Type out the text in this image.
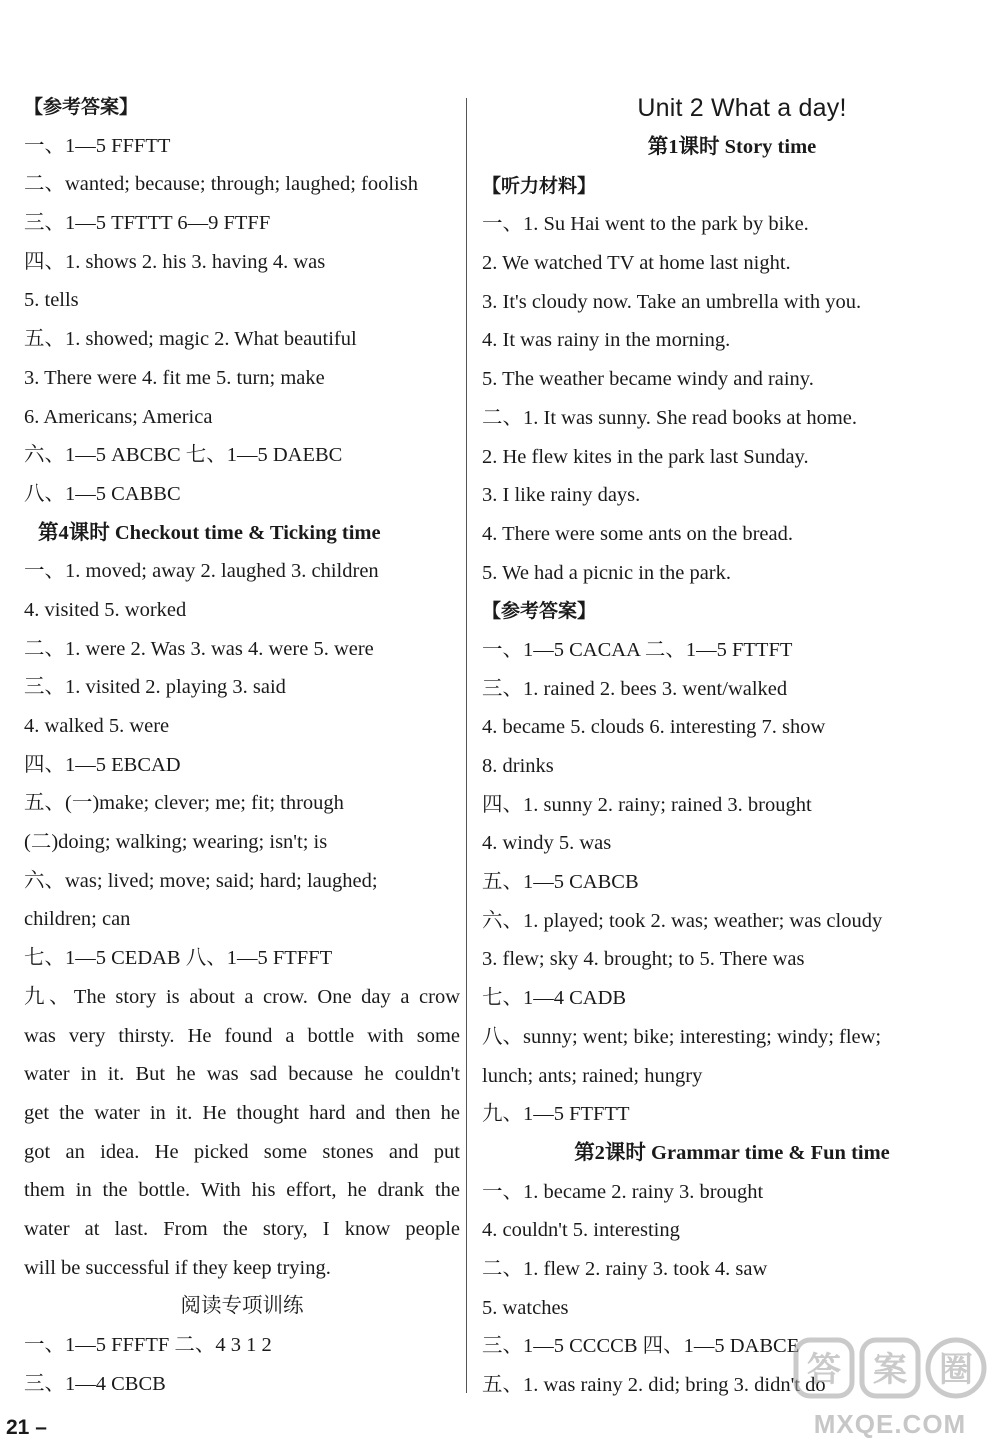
【参考答案】
一、1—5 FFFTT
二、wanted; because; through; laughed; foolish
三、1—5 TFTTT 6—9 FTFF
四、1. shows 2. his 3. having 4. was
5. tells
五、1. showed; magic 2. What beautiful
3. There were 4. fit me 5. turn; make
6. Americans; America
六、1—5 ABCBC 七、1—5 DAEBC
八、1—5 CABBC
第4课时 Checkout time & Ticking time
一、1. moved; away 2. laughed 3. children
4. visited 5. worked
二、1. were 2. Was 3. was 4. were 5. were
三、1. visited 2. playing 3. said
4. walked 5. were
四、1—5 EBCAD
五、(一)make; clever; me; fit; through
(二)doing; walking; wearing; isn't; is
六、was; lived; move; said; hard; laughed;
children; can
七、1—5 CEDAB 八、1—5 FTFFT
九、The story is about a crow. One day a crow
was very thirsty. He found a bottle with some
water in it. But he was sad because he couldn't
get the water in it. He thought hard and then he
got an idea. He picked some stones and put
them in the bottle. With his effort, he drank the
water at last. From the story, I know people
will be successful if they keep trying.
阅读专项训练
一、1—5 FFFTF 二、4 3 1 2
三、1—4 CBCB
Unit 2 What a day!
第1课时 Story time
【听力材料】
一、1. Su Hai went to the park by bike.
2. We watched TV at home last night.
3. It's cloudy now. Take an umbrella with you.
4. It was rainy in the morning.
5. The weather became windy and rainy.
二、1. It was sunny. She read books at home.
2. He flew kites in the park last Sunday.
3. I like rainy days.
4. There were some ants on the bread.
5. We had a picnic in the park.
【参考答案】
一、1—5 CACAA 二、1—5 FTTFT
三、1. rained 2. bees 3. went/walked
4. became 5. clouds 6. interesting 7. show
8. drinks
四、1. sunny 2. rainy; rained 3. brought
4. windy 5. was
五、1—5 CABCB
六、1. played; took 2. was; weather; was cloudy
3. flew; sky 4. brought; to 5. There was
七、1—4 CADB
八、sunny; went; bike; interesting; windy; flew;
lunch; ants; rained; hungry
九、1—5 FTFTT
第2课时 Grammar time & Fun time
一、1. became 2. rainy 3. brought
4. couldn't 5. interesting
二、1. flew 2. rainy 3. took 4. saw
5. watches
三、1—5 CCCCB 四、1—5 DABCE
五、1. was rainy 2. did; bring 3. didn't do
21 –
答 案 圈
MXQE.COM
